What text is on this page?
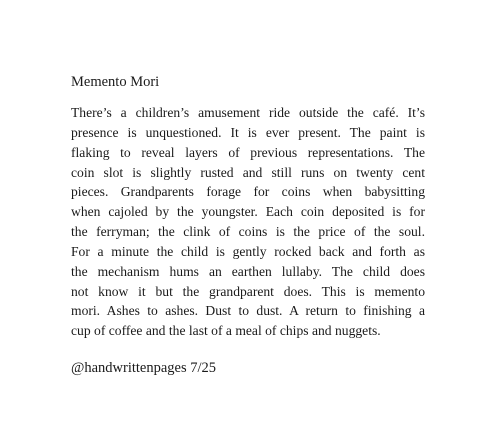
Memento Mori
There’s a children’s amusement ride outside the café. It’s
presence is unquestioned. It is ever present. The paint is
flaking to reveal layers of previous representations. The
coin slot is slightly rusted and still runs on twenty cent
pieces. Grandparents forage for coins when babysitting
when cajoled by the youngster. Each coin deposited is for
the ferryman; the clink of coins is the price of the soul.
For a minute the child is gently rocked back and forth as
the mechanism hums an earthen lullaby. The child does
not know it but the grandparent does. This is memento
mori. Ashes to ashes. Dust to dust. A return to finishing a
cup of coffee and the last of a meal of chips and nuggets.

@handwrittenpages 7/25
